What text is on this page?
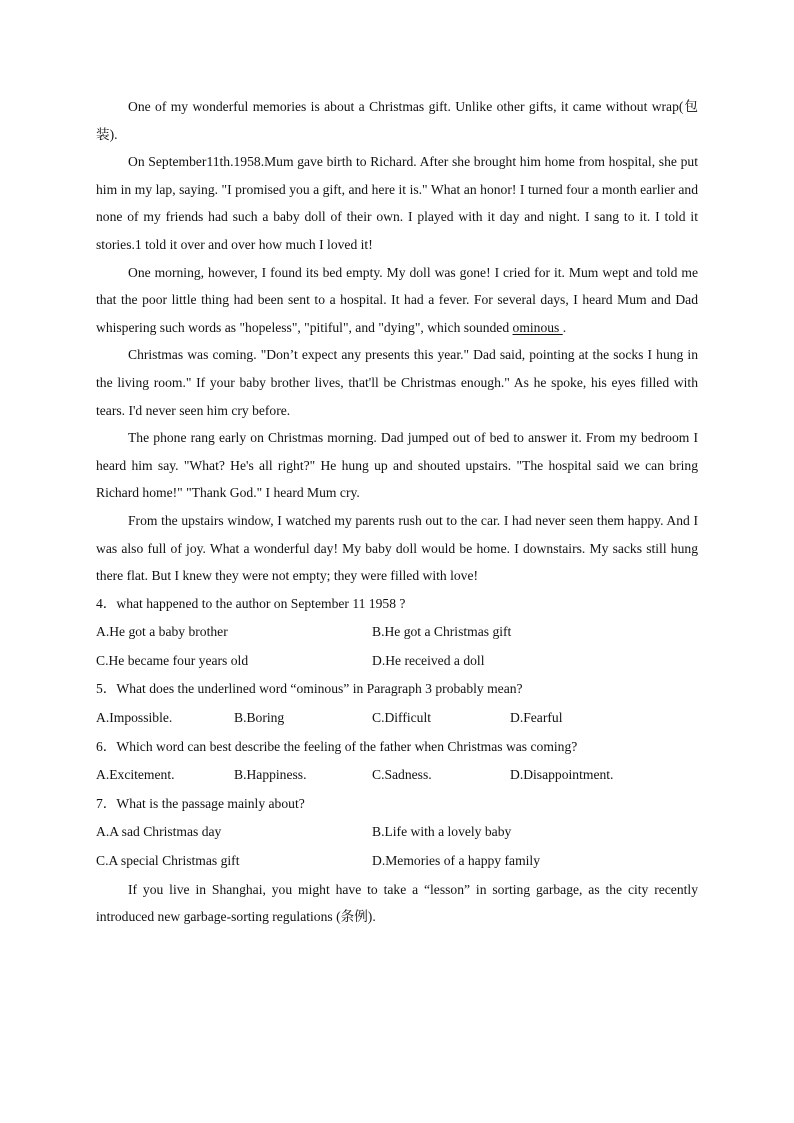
One of my wonderful memories is about a Christmas gift. Unlike other gifts, it came without wrap(包装).

On September11th.1958.Mum gave birth to Richard. After she brought him home from hospital, she put him in my lap, saying. "I promised you a gift, and here it is." What an honor! I turned four a month earlier and none of my friends had such a baby doll of their own. I played with it day and night. I sang to it. I told it stories.1 told it over and over how much I loved it!

One morning, however, I found its bed empty. My doll was gone! I cried for it. Mum wept and told me that the poor little thing had been sent to a hospital. It had a fever. For several days, I heard Mum and Dad whispering such words as "hopeless", "pitiful", and "dying", which sounded ominous .

Christmas was coming. "Don’t expect any presents this year." Dad said, pointing at the socks I hung in the living room." If your baby brother lives, that'll be Christmas enough." As he spoke, his eyes filled with tears. I'd never seen him cry before.

The phone rang early on Christmas morning. Dad jumped out of bed to answer it. From my bedroom I heard him say. "What? He's all right?" He hung up and shouted upstairs. "The hospital said we can bring Richard home!" "Thank God." I heard Mum cry.

From the upstairs window, I watched my parents rush out to the car. I had never seen them happy. And I was also full of joy. What a wonderful day! My baby doll would be home. I downstairs. My sacks still hung there flat. But I knew they were not empty; they were filled with love!

4．what happened to the author on September 11 1958 ?

A.He got a baby brother	B.He got a Christmas gift
C.He became four years old	D.He received a doll

5．What does the underlined word “ominous” in Paragraph 3 probably mean?

A.Impossible.	B.Boring	C.Difficult	D.Fearful

6．Which word can best describe the feeling of the father when Christmas was coming?

A.Excitement.	B.Happiness.	C.Sadness.	D.Disappointment.

7．What is the passage mainly about?

A.A sad Christmas day	B.Life with a lovely baby
C.A special Christmas gift	D.Memories of a happy family

If you live in Shanghai, you might have to take a “lesson” in sorting garbage, as the city recently introduced new garbage-sorting regulations (条例).
